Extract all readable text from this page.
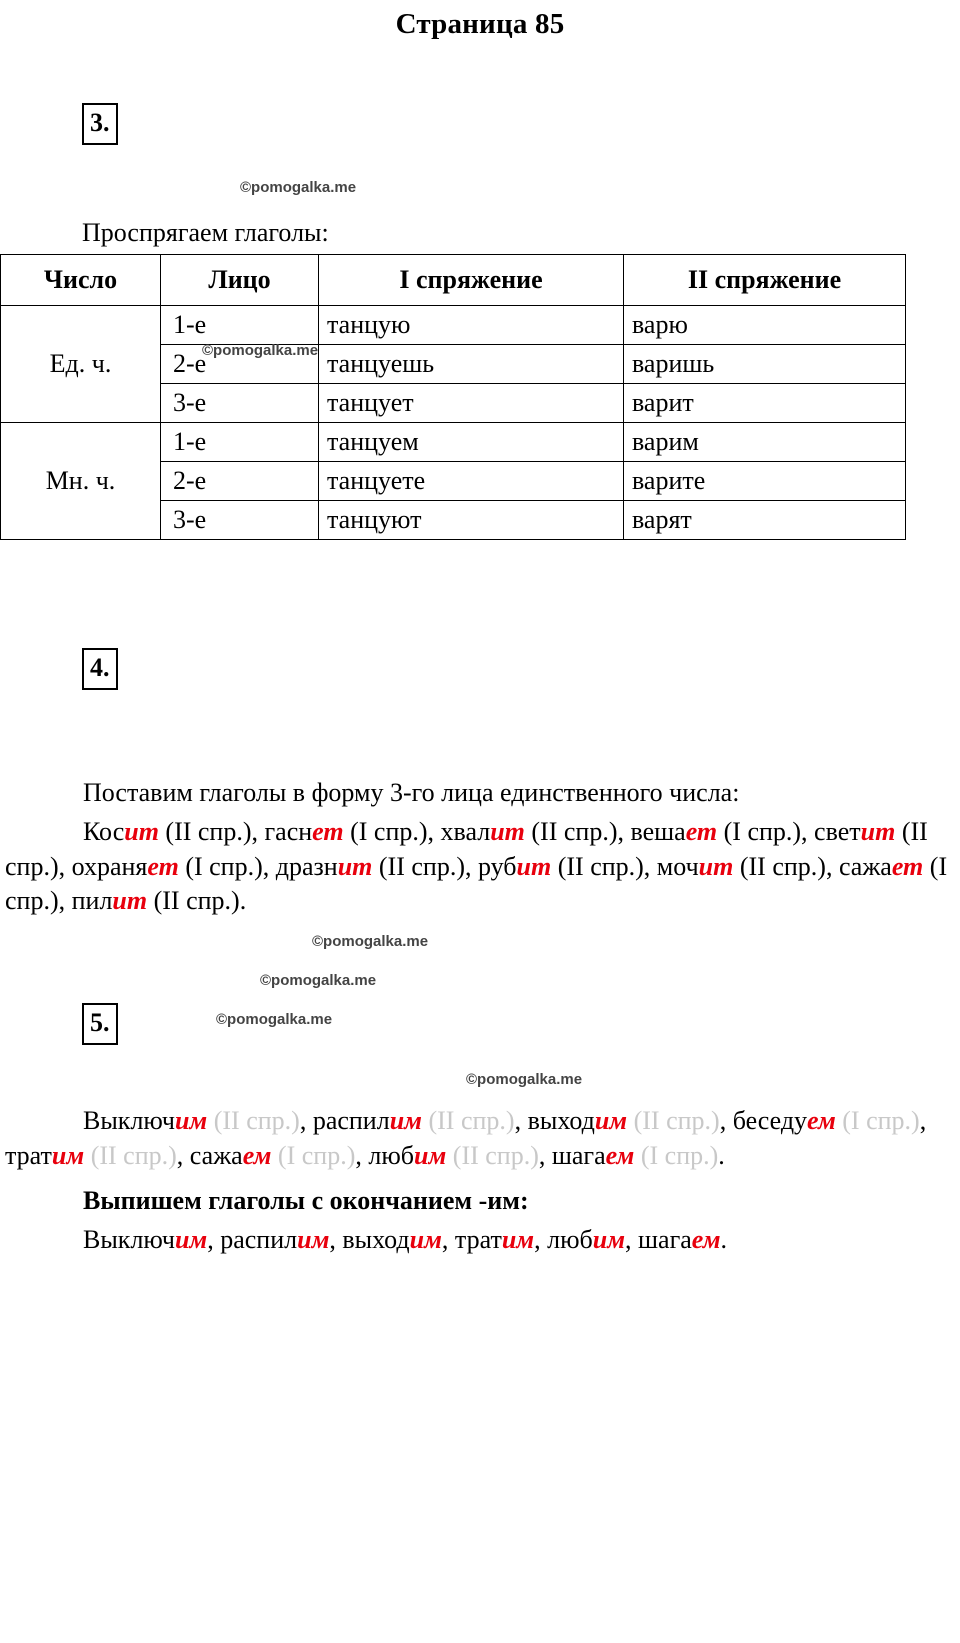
Страница 85
3.
©pomogalka.me
Проспрягаем глаголы:
©pomogalka.me
Число	Лицо	I спряжение	II спряжение
Ед. ч.	1-е	танцую	варю
	2-е	танцуешь	варишь
	3-е	танцует	варит
Мн. ч.	1-е	танцуем	варим
	2-е	танцуете	варите
	3-е	танцуют	варят
4.
Поставим глаголы в форму 3-го лица единственного числа:
Косит (II спр.), гаснет (I спр.), хвалит (II спр.), вешает (I спр.), светит (II спр.), охраняет (I спр.), дразнит (II спр.), рубит (II спр.), мочит (II спр.), сажает (I спр.), пилит (II спр.).
©pomogalka.me
©pomogalka.me
5.	©pomogalka.me
©pomogalka.me
Выключим (II спр.), распилим (II спр.), выходим (II спр.), беседуем (I спр.), тратим (II спр.), сажаем (I спр.), любим (II спр.), шагаем (I спр.).
Выпишем глаголы с окончанием -им:
Выключим, распилим, выходим, тратим, любим, шагаем.
